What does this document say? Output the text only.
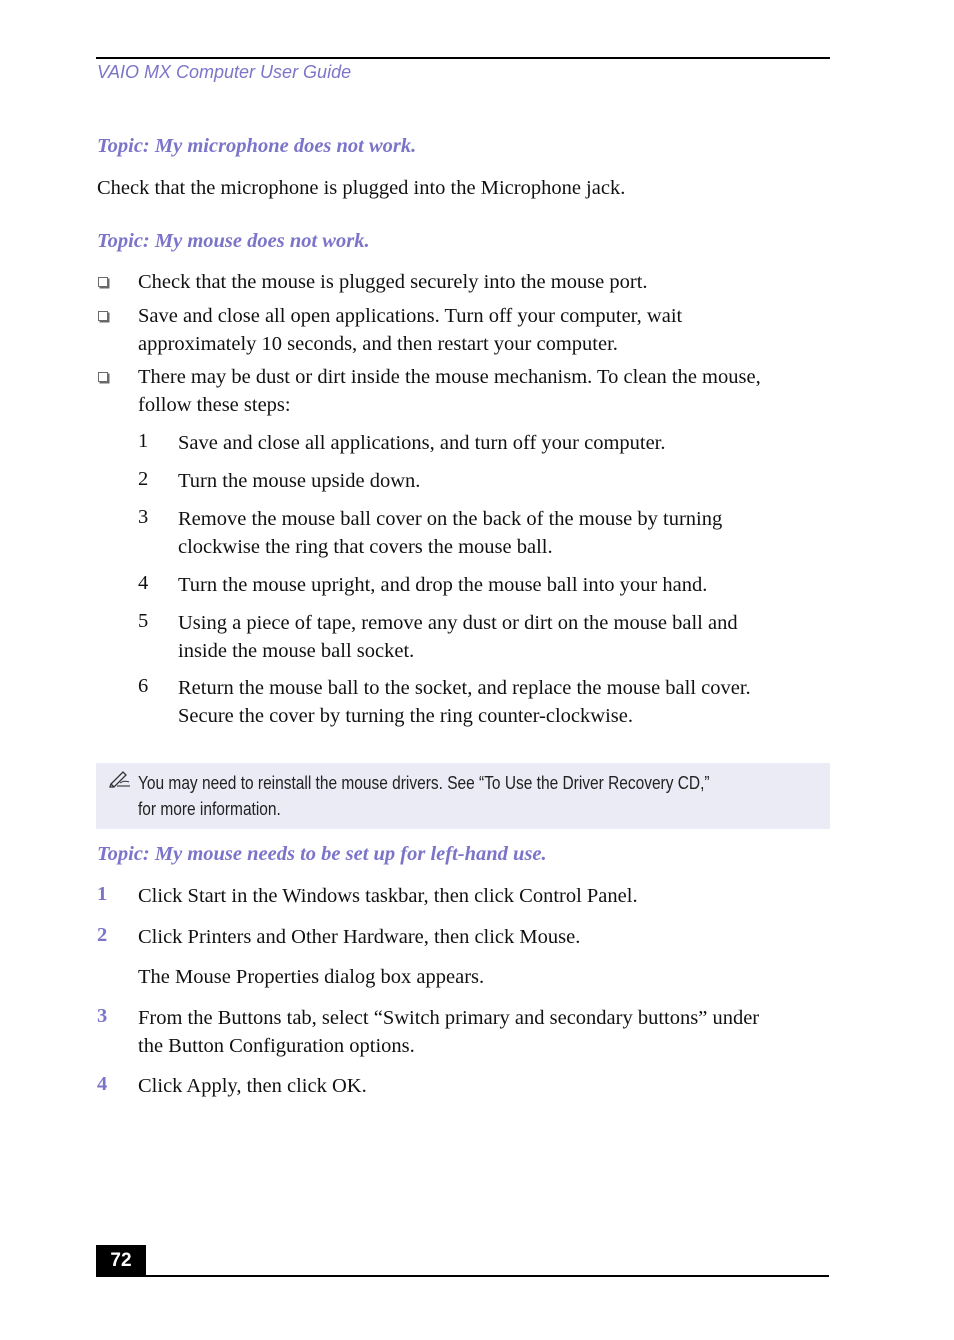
VAIO MX Computer User Guide
Topic: My microphone does not work.
Check that the microphone is plugged into the Microphone jack.
Topic: My mouse does not work.
Check that the mouse is plugged securely into the mouse port.
Save and close all open applications. Turn off your computer, wait
approximately 10 seconds, and then restart your computer.
There may be dust or dirt inside the mouse mechanism. To clean the mouse,
follow these steps:
1 Save and close all applications, and turn off your computer.
2 Turn the mouse upside down.
3 Remove the mouse ball cover on the back of the mouse by turning
clockwise the ring that covers the mouse ball.
4 Turn the mouse upright, and drop the mouse ball into your hand.
5 Using a piece of tape, remove any dust or dirt on the mouse ball and
inside the mouse ball socket.
6 Return the mouse ball to the socket, and replace the mouse ball cover.
Secure the cover by turning the ring counter-clockwise.
You may need to reinstall the mouse drivers. See “To Use the Driver Recovery CD,”
for more information.
Topic: My mouse needs to be set up for left-hand use.
1 Click Start in the Windows taskbar, then click Control Panel.
2 Click Printers and Other Hardware, then click Mouse.
The Mouse Properties dialog box appears.
3 From the Buttons tab, select “Switch primary and secondary buttons” under
the Button Configuration options.
4 Click Apply, then click OK.
72
